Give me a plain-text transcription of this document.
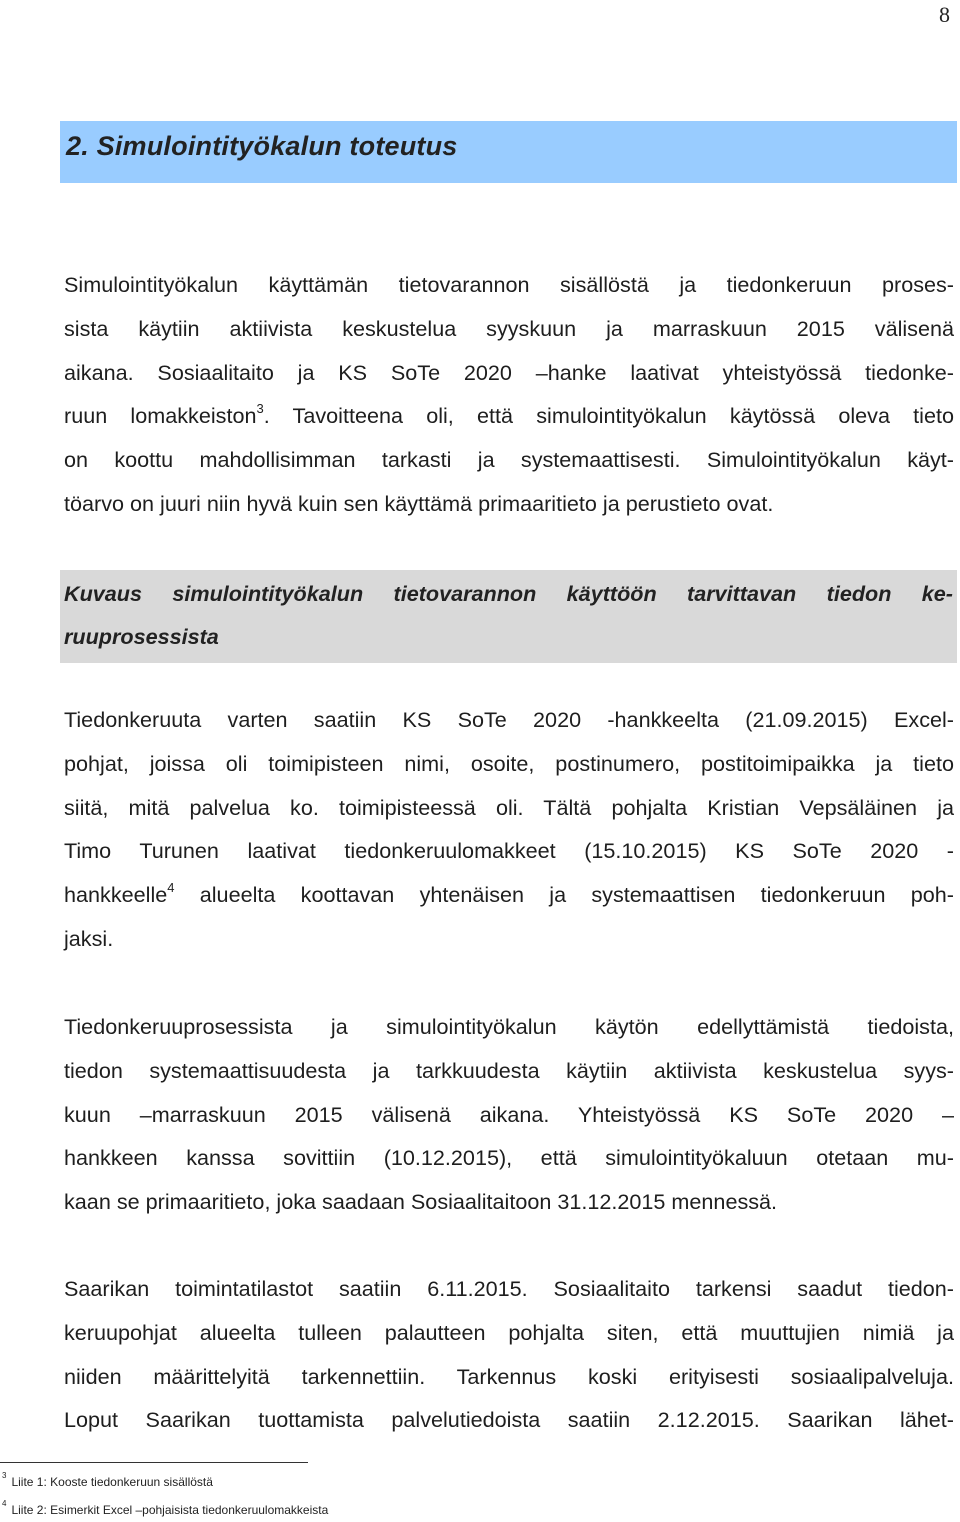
8
2. Simulointityökalun toteutus
Simulointityökalun käyttämän tietovarannon sisällöstä ja tiedonkeruun proses-
sista käytiin aktiivista keskustelua syyskuun ja marraskuun 2015 välisenä
aikana. Sosiaalitaito ja KS SoTe 2020 –hanke laativat yhteistyössä tiedonke-
ruun lomakkeiston$^3$. Tavoitteena oli, että simulointityökalun käytössä oleva tieto
on koottu mahdollisimman tarkasti ja systemaattisesti. Simulointityökalun käyt-
töarvo on juuri niin hyvä kuin sen käyttämä primaaritieto ja perustieto ovat.
Kuvaus simulointityökalun tietovarannon käyttöön tarvittavan tiedon ke-
ruuprosessista
Tiedonkeruuta varten saatiin KS SoTe 2020 -hankkeelta (21.09.2015) Excel-
pohjat, joissa oli toimipisteen nimi, osoite, postinumero, postitoimipaikka ja tieto
siitä, mitä palvelua ko. toimipisteessä oli. Tältä pohjalta Kristian Vepsäläinen ja
Timo Turunen laativat tiedonkeruulomakkeet (15.10.2015) KS SoTe 2020 -
hankkeelle$^4$ alueelta koottavan yhtenäisen ja systemaattisen tiedonkeruun poh-
jaksi.
Tiedonkeruuprosessista ja simulointityökalun käytön edellyttämistä tiedoista,
tiedon systemaattisuudesta ja tarkkuudesta käytiin aktiivista keskustelua syys-
kuun –marraskuun 2015 välisenä aikana. Yhteistyössä KS SoTe 2020 –
hankkeen kanssa sovittiin (10.12.2015), että simulointityökaluun otetaan mu-
kaan se primaaritieto, joka saadaan Sosiaalitaitoon 31.12.2015 mennessä.
Saarikan toimintatilastot saatiin 6.11.2015. Sosiaalitaito tarkensi saadut tiedon-
keruupohjat alueelta tulleen palautteen pohjalta siten, että muuttujien nimiä ja
niiden määrittelyitä tarkennettiin. Tarkennus koski erityisesti sosiaalipalveluja.
Loput Saarikan tuottamista palvelutiedoista saatiin 2.12.2015. Saarikan lähet-
$^3$ Liite 1: Kooste tiedonkeruun sisällöstä
$^4$ Liite 2: Esimerkit Excel –pohjaisista tiedonkeruulomakkeista
